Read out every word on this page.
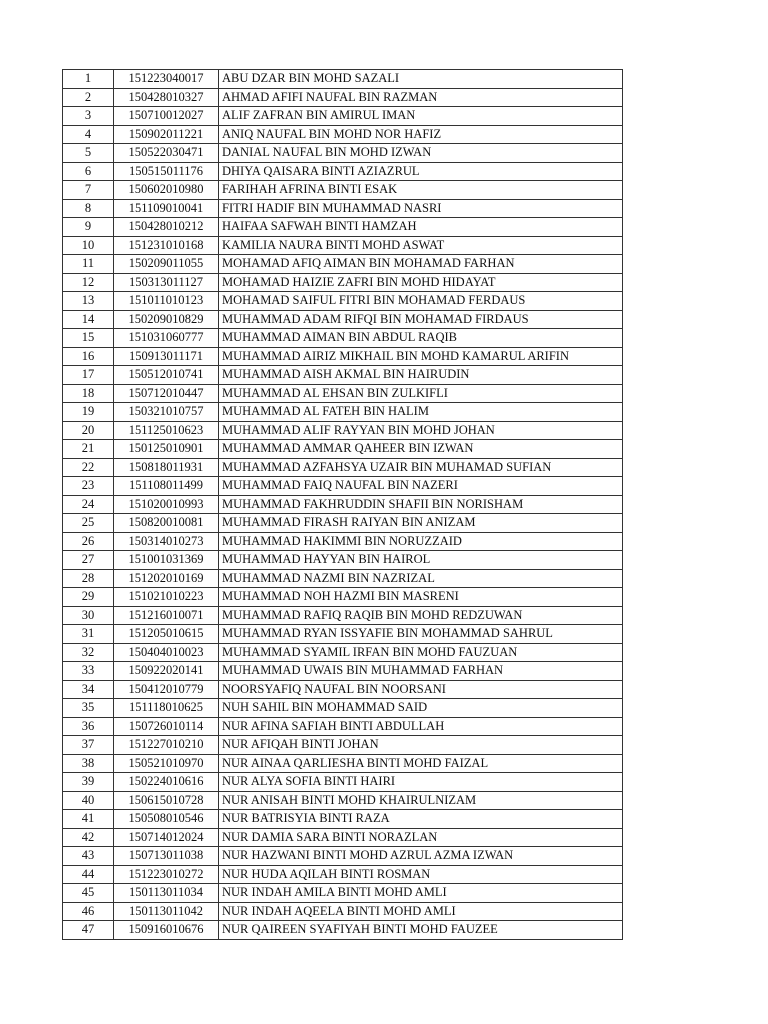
1	151223040017	ABU DZAR BIN MOHD SAZALI
2	150428010327	AHMAD AFIFI NAUFAL BIN RAZMAN
3	150710012027	ALIF ZAFRAN BIN AMIRUL IMAN
4	150902011221	ANIQ NAUFAL BIN MOHD NOR HAFIZ
5	150522030471	DANIAL NAUFAL BIN MOHD IZWAN
6	150515011176	DHIYA QAISARA BINTI AZIAZRUL
7	150602010980	FARIHAH AFRINA BINTI ESAK
8	151109010041	FITRI HADIF BIN MUHAMMAD NASRI
9	150428010212	HAIFAA SAFWAH BINTI HAMZAH
10	151231010168	KAMILIA NAURA BINTI MOHD ASWAT
11	150209011055	MOHAMAD AFIQ AIMAN BIN MOHAMAD FARHAN
12	150313011127	MOHAMAD HAIZIE ZAFRI BIN MOHD HIDAYAT
13	151011010123	MOHAMAD SAIFUL FITRI BIN MOHAMAD FERDAUS
14	150209010829	MUHAMMAD ADAM RIFQI BIN MOHAMAD FIRDAUS
15	151031060777	MUHAMMAD AIMAN BIN ABDUL RAQIB
16	150913011171	MUHAMMAD AIRIZ MIKHAIL BIN MOHD KAMARUL ARIFIN
17	150512010741	MUHAMMAD AISH AKMAL BIN HAIRUDIN
18	150712010447	MUHAMMAD AL EHSAN BIN ZULKIFLI
19	150321010757	MUHAMMAD AL FATEH BIN HALIM
20	151125010623	MUHAMMAD ALIF RAYYAN BIN MOHD JOHAN
21	150125010901	MUHAMMAD AMMAR QAHEER BIN IZWAN
22	150818011931	MUHAMMAD AZFAHSYA UZAIR BIN MUHAMAD SUFIAN
23	151108011499	MUHAMMAD FAIQ NAUFAL BIN NAZERI
24	151020010993	MUHAMMAD FAKHRUDDIN SHAFII BIN NORISHAM
25	150820010081	MUHAMMAD FIRASH RAIYAN BIN ANIZAM
26	150314010273	MUHAMMAD HAKIMMI BIN NORUZZAID
27	151001031369	MUHAMMAD HAYYAN BIN HAIROL
28	151202010169	MUHAMMAD NAZMI BIN NAZRIZAL
29	151021010223	MUHAMMAD NOH HAZMI BIN MASRENI
30	151216010071	MUHAMMAD RAFIQ RAQIB BIN MOHD REDZUWAN
31	151205010615	MUHAMMAD RYAN ISSYAFIE BIN MOHAMMAD SAHRUL
32	150404010023	MUHAMMAD SYAMIL IRFAN BIN MOHD FAUZUAN
33	150922020141	MUHAMMAD UWAIS BIN MUHAMMAD FARHAN
34	150412010779	NOORSYAFIQ NAUFAL BIN NOORSANI
35	151118010625	NUH SAHIL BIN MOHAMMAD SAID
36	150726010114	NUR AFINA SAFIAH BINTI ABDULLAH
37	151227010210	NUR AFIQAH BINTI JOHAN
38	150521010970	NUR AINAA QARLIESHA BINTI MOHD FAIZAL
39	150224010616	NUR ALYA SOFIA BINTI HAIRI
40	150615010728	NUR ANISAH BINTI MOHD KHAIRULNIZAM
41	150508010546	NUR BATRISYIA BINTI RAZA
42	150714012024	NUR DAMIA SARA BINTI NORAZLAN
43	150713011038	NUR HAZWANI BINTI MOHD AZRUL AZMA IZWAN
44	151223010272	NUR HUDA AQILAH BINTI ROSMAN
45	150113011034	NUR INDAH AMILA BINTI MOHD AMLI
46	150113011042	NUR INDAH AQEELA BINTI MOHD AMLI
47	150916010676	NUR QAIREEN SYAFIYAH BINTI MOHD FAUZEE
